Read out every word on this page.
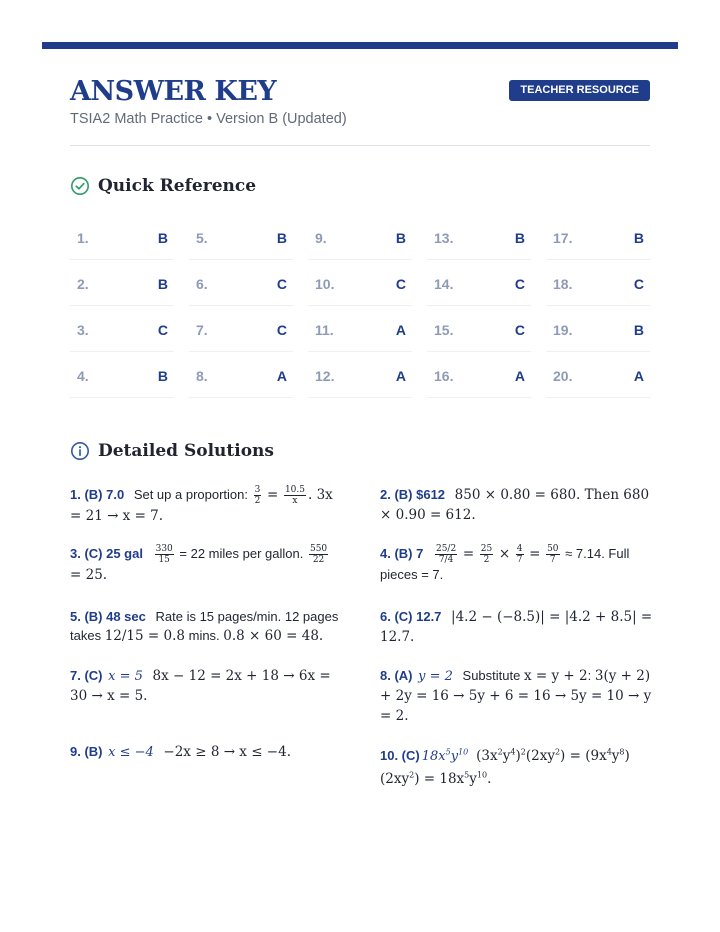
ANSWER KEY
TSIA2 Math Practice • Version B (Updated)
TEACHER RESOURCE
Quick Reference
1.	B 5.	B 9.	B 13.	B 17.	B
2.	B 6.	C 10.	C 14.	C 18.	C
3.	C 7.	C 11.	A 15.	C 19.	B
4.	B 8.	A 12.	A 16.	A 20.	A
Detailed Solutions
1. (B) 7.0 Set up a proportion: $\frac{3}{2} = \frac{10.5}{x}$ . 3x = 21 → x = 7.
2. (B) $612 850 × 0.80 = 680. Then 680 × 0.90 = 612.
3. (C) 25 gal $\frac{330}{15} = 22$ miles per gallon. $\frac{550}{22}$
= 25.
4. (B) $7 \frac{25/2}{7/4} = \frac{25}{2} \times \frac{4}{7} = \frac{50}{7} \approx 7.14$. Full pieces = 7.
5. (B) 48 sec Rate is 15 pages/min. 12 pages takes 12/15 = 0.8 mins. 0.8 × 60 = 48.
6. (C) 12.7 |4.2 − (−8.5)| = |4.2 + 8.5| = 12.7.
7. (C) x = 5 8x − 12 = 2x + 18 → 6x = 30 → x = 5.
8. (A) y = 2 Substitute x = y + 2: 3(y + 2) + 2y = 16 → 5y + 6 = 16 → 5y = 10 → y = 2.
9. (B) x ≤ −4 −2x ≥ 8 → x ≤ −4.	10. (C) $18x^5y^{10}$  $(3x^2y^4)^2(2xy^2) = (9x^4y^8)(2xy^2) = 18x^5y^{10}$.
